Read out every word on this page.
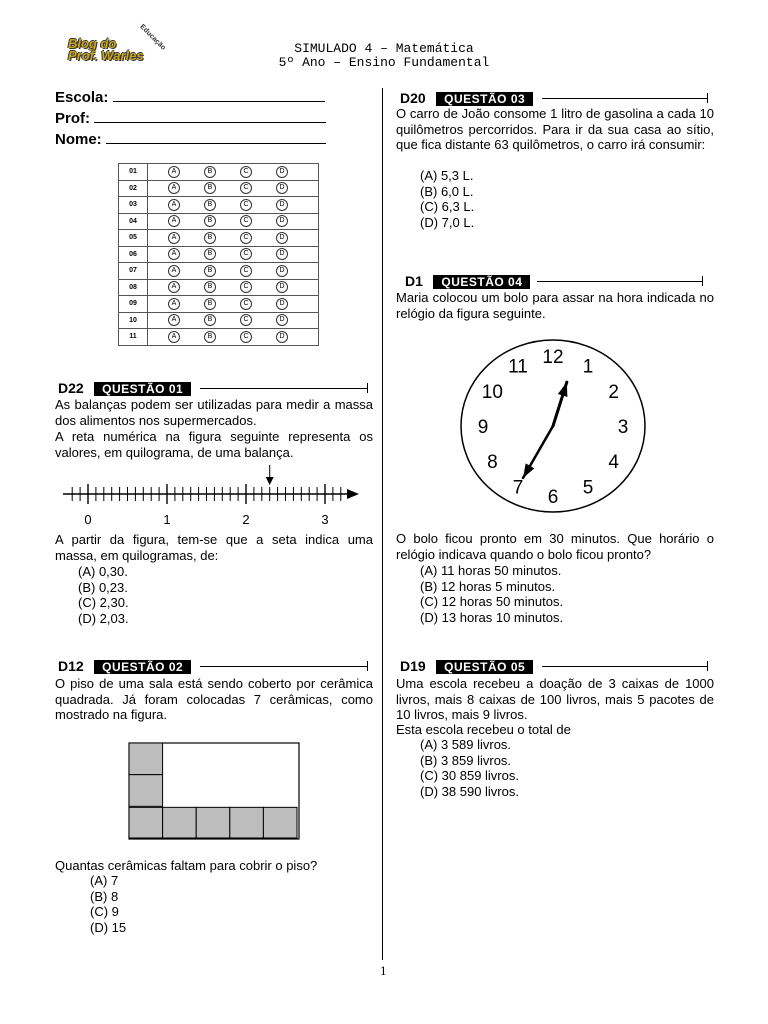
Blog do
Prof. Warles
Educação	SIMULADO 4 – Matemática
5º Ano – Ensino Fundamental
Escola:
Prof:
Nome:
01	A B C D
02	A B C D
03	A B C D
04	A B C D
05	A B C D
06	A B C D
07	A B C D
08	A B C D
09	A B C D
10	A B C D
11	A B C D
D22 QUESTÃO 01
As balanças podem ser utilizadas para medir a massa dos alimentos nos supermercados.
A reta numérica na figura seguinte representa os valores, em quilograma, de uma balança.
0	1	2	3
A partir da figura, tem-se que a seta indica uma massa, em quilogramas, de:
(A) 0,30.
(B) 0,23.
(C) 2,30.
(D) 2,03.
D12 QUESTÃO 02
O piso de uma sala está sendo coberto por cerâmica quadrada. Já foram colocadas 7 cerâmicas, como mostrado na figura.
Quantas cerâmicas faltam para cobrir o piso?
(A) 7
(B) 8
(C) 9
(D) 15
D20 QUESTÃO 03
O carro de João consome 1 litro de gasolina a cada 10 quilômetros percorridos. Para ir da sua casa ao sítio, que fica distante 63 quilômetros, o carro irá consumir:
(A) 5,3 L.
(B) 6,0 L.
(C) 6,3 L.
(D) 7,0 L.
D1 QUESTÃO 04
Maria colocou um bolo para assar na hora indicada no relógio da figura seguinte.
12 1
2
3
4
5
6
7
8
9
10
11
O bolo ficou pronto em 30 minutos. Que horário o relógio indicava quando o bolo ficou pronto?
(A) 11 horas 50 minutos.
(B) 12 horas 5 minutos.
(C) 12 horas 50 minutos.
(D) 13 horas 10 minutos.
D19 QUESTÃO 05
Uma escola recebeu a doação de 3 caixas de 1000 livros, mais 8 caixas de 100 livros, mais 5 pacotes de 10 livros, mais 9 livros.
Esta escola recebeu o total de
(A) 3 589 livros.
(B) 3 859 livros.
(C) 30 859 livros.
(D) 38 590 livros.
1
